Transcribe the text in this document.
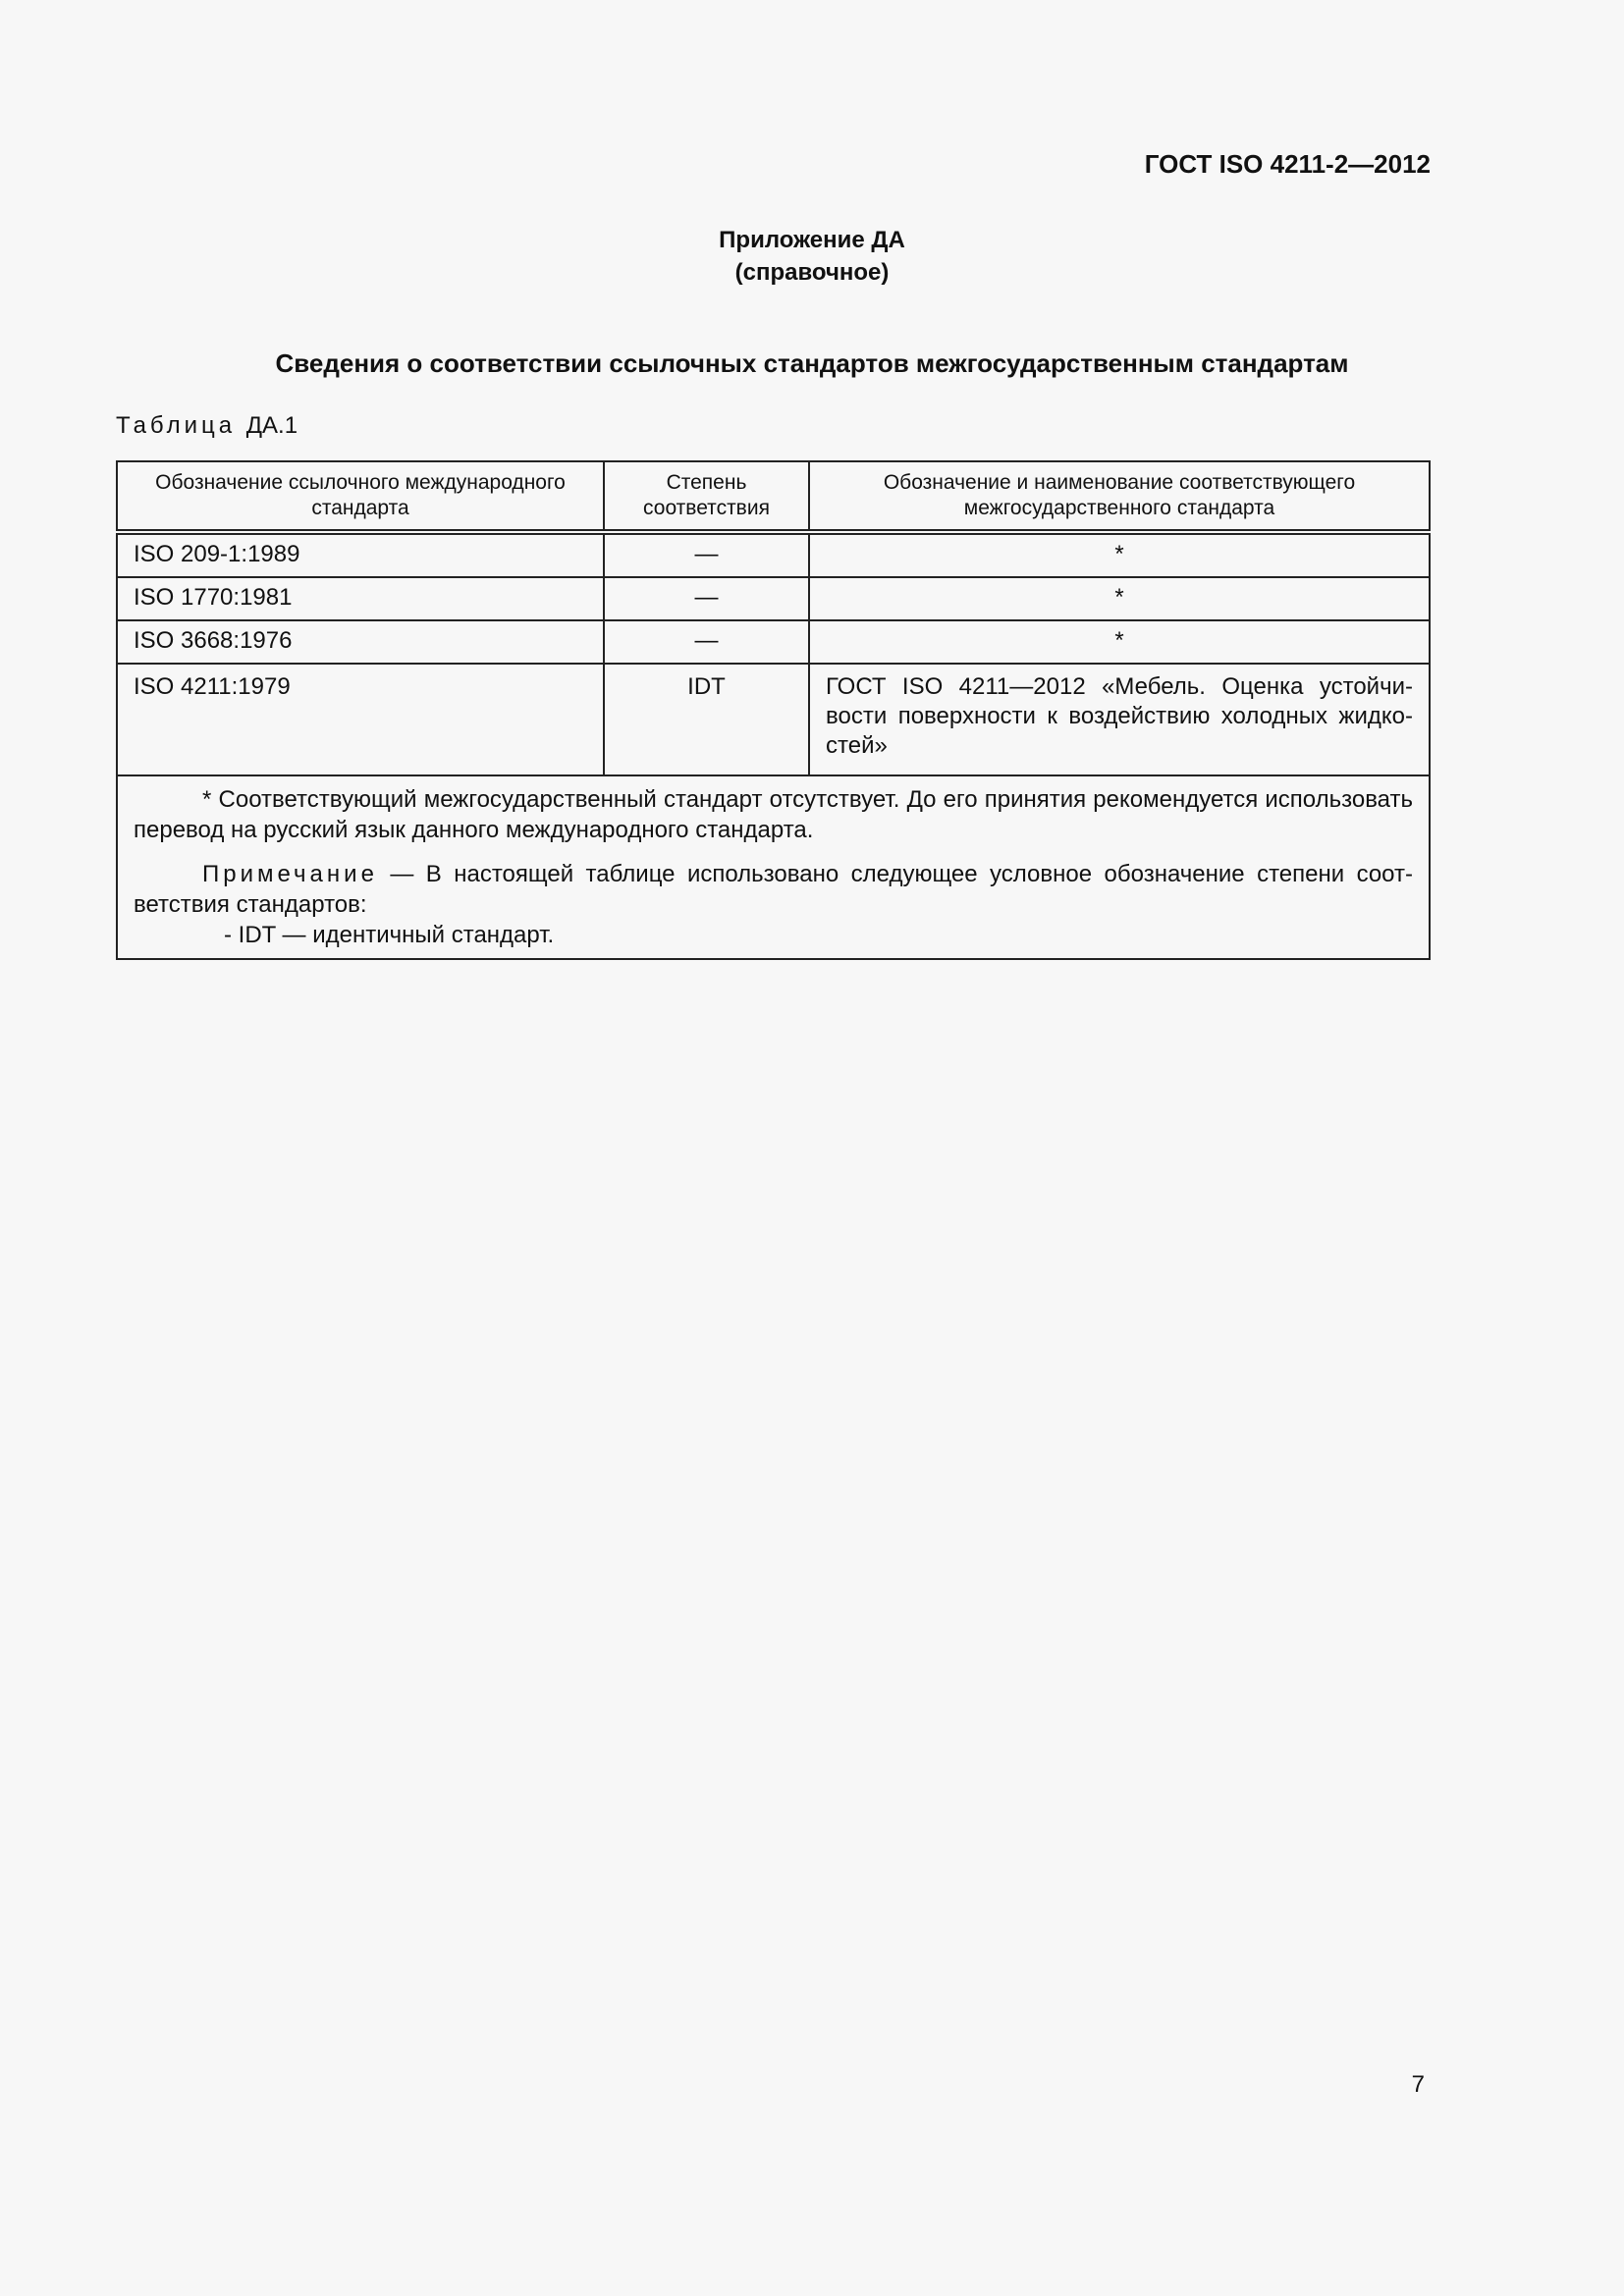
ГОСТ ISO 4211-2—2012
Приложение ДА
(справочное)
Сведения о соответствии ссылочных стандартов межгосударственным стандартам
Таблица ДА.1
Обозначение ссылочного международного стандарта	Степень соответствия	Обозначение и наименование соответствующего межгосударственного стандарта
ISO 209-1:1989	—	*
ISO 1770:1981	—	*
ISO 3668:1976	—	*
ISO 4211:1979	IDT	ГОСТ ISO 4211—2012 «Мебель. Оценка устойчивости поверхности к воздействию холодных жидкостей»

* Соответствующий межгосударственный стандарт отсутствует. До его принятия рекомендуется использовать перевод на русский язык данного международного стандарта.

Примечание — В настоящей таблице использовано следующее условное обозначение степени соответствия стандартов:

- IDT — идентичный стандарт.		

7
